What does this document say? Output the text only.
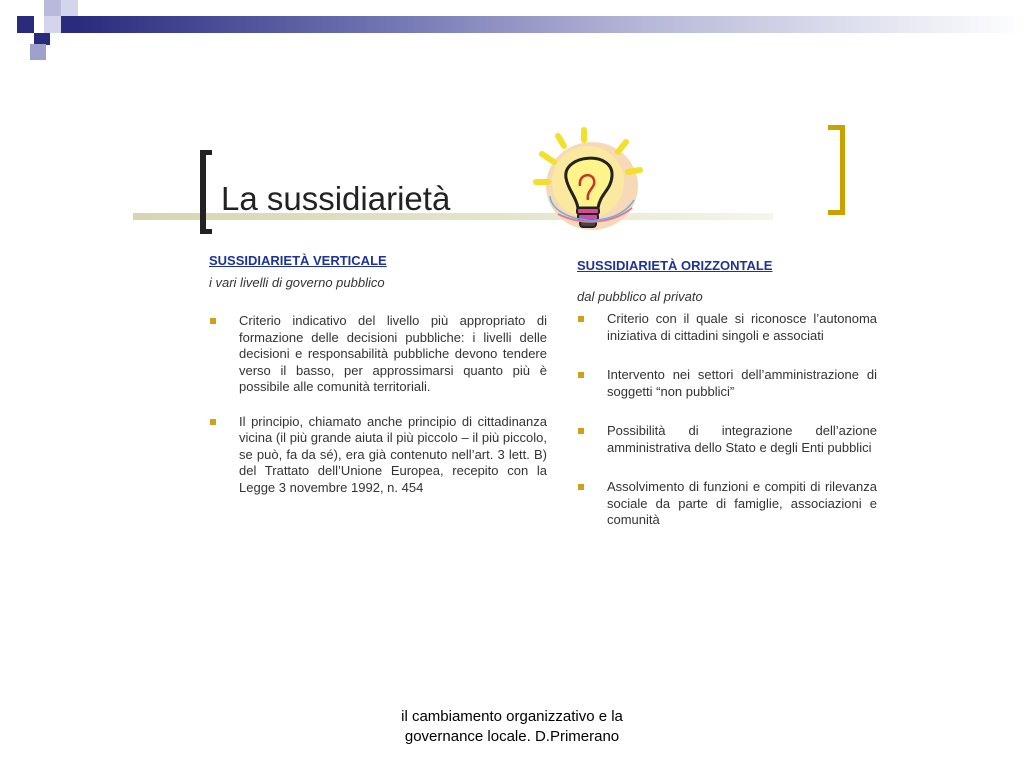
La sussidiarietà
SUSSIDIARIETÀ VERTICALE
i vari livelli di governo pubblico
Criterio indicativo del livello più appropriato di formazione delle decisioni pubbliche: i livelli delle decisioni e responsabilità pubbliche devono tendere verso il basso, per approssimarsi quanto più è possibile alle comunità territoriali.
Il principio, chiamato anche principio di cittadinanza vicina (il più grande aiuta il più piccolo – il più piccolo, se può, fa da sé), era già contenuto nell’art. 3 lett. B) del Trattato dell’Unione Europea, recepito con la Legge 3 novembre 1992, n. 454
SUSSIDIARIETÀ ORIZZONTALE
dal pubblico al privato
Criterio con il quale si riconosce l’autonoma iniziativa di cittadini singoli e associati
Intervento nei settori dell’amministrazione di soggetti “non pubblici”
Possibilità di integrazione dell’azione amministrativa dello Stato e degli Enti pubblici
Assolvimento di funzioni e compiti di rilevanza sociale da parte di famiglie, associazioni e comunità
il cambiamento organizzativo e la
governance locale. D.Primerano
